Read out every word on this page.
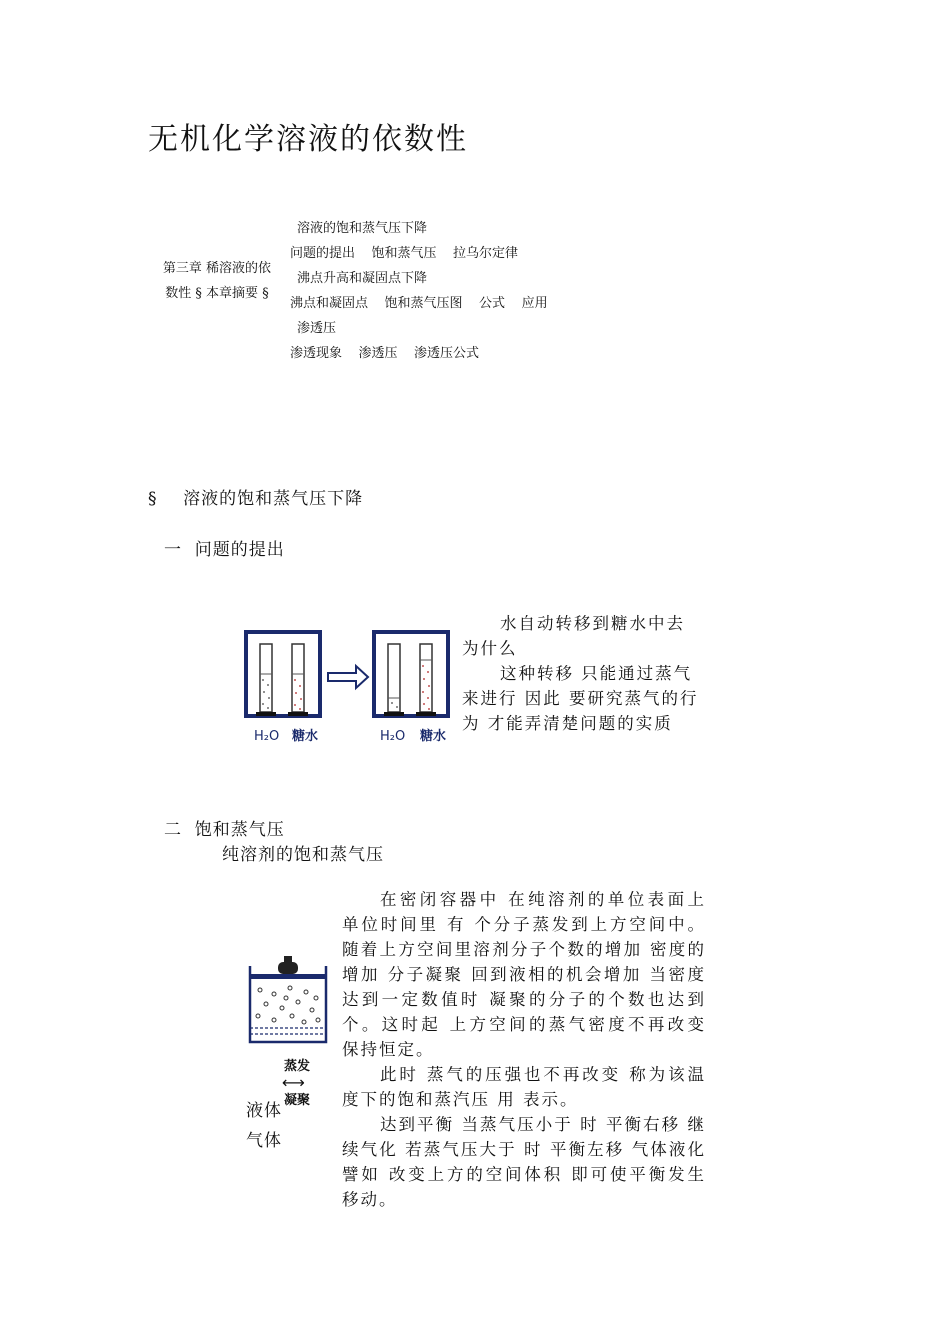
无机化学溶液的依数性
第三章 稀溶液的依数性 § 本章摘要 §
溶液的饱和蒸气压下降
问题的提出    饱和蒸气压    拉乌尔定律
沸点升高和凝固点下降
沸点和凝固点    饱和蒸气压图    公式    应用
渗透压
渗透现象    渗透压    渗透压公式
§    溶液的饱和蒸气压下降
一  问题的提出
H₂O 糖水	H₂O 糖水

水自动转移到糖水中去为什么

这种转移 只能通过蒸气来进行 因此 要研究蒸气的行为 才能弄清楚问题的实质

二  饱和蒸气压
纯溶剂的饱和蒸气压
蒸发
⟷
凝聚
液体
气体

在密闭容器中 在纯溶剂的单位表面上 单位时间里 有 个分子蒸发到上方空间中。随着上方空间里溶剂分子个数的增加 密度的增加 分子凝聚 回到液相的机会增加 当密度达到一定数值时 凝聚的分子的个数也达到 个。这时起 上方空间的蒸气密度不再改变 保持恒定。

此时 蒸气的压强也不再改变 称为该温度下的饱和蒸汽压 用 表示。

达到平衡 当蒸气压小于 时 平衡右移 继续气化 若蒸气压大于 时 平衡左移 气体液化 譬如 改变上方的空间体积 即可使平衡发生移动。
